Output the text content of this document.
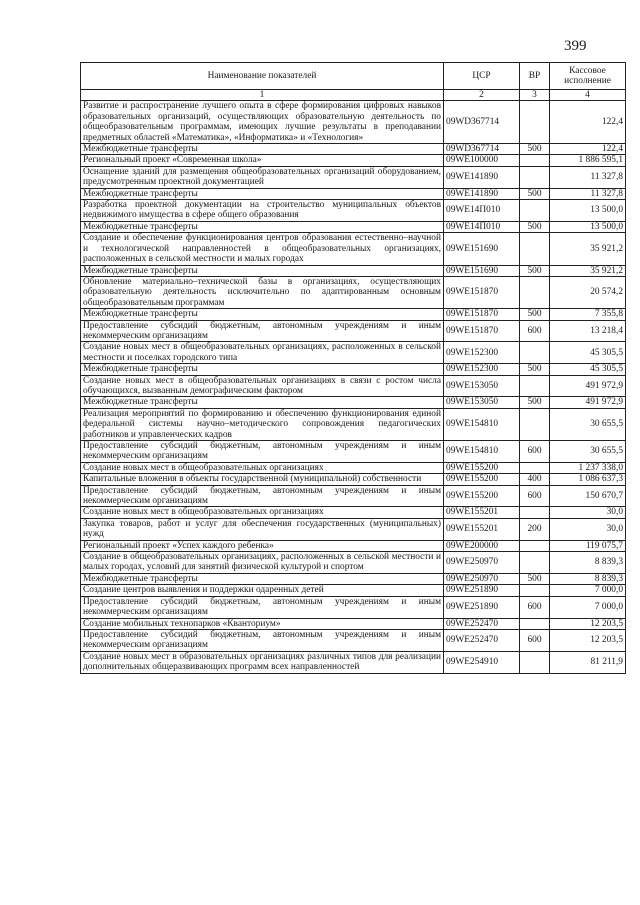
399
Наименование показателей	ЦСР	ВР	Кассовое исполнение
1	2	3	4
Развитие и распространение лучшего опыта в сфере формирования цифровых навыков образовательных организаций, осуществляющих образовательную деятельность по общеобразовательным программам, имеющих лучшие результаты в преподавании предметных областей «Математика», «Информатика» и «Технология»	09WD367714		122,4
Межбюджетные трансферты	09WD367714	500	122,4
Региональный проект «Современная школа»	09WE100000		1 886 595,1
Оснащение зданий для размещения общеобразовательных организаций оборудованием, предусмотренным проектной документацией	09WE141890		11 327,8
Межбюджетные трансферты	09WE141890	500	11 327,8
Разработка проектной документации на строительство муниципальных объектов недвижимого имущества в сфере общего образования	09WE14П010		13 500,0
Межбюджетные трансферты	09WE14П010	500	13 500,0
Создание и обеспечение функционирования центров образования естественно–научной и технологической направленностей в общеобразовательных организациях, расположенных в сельской местности и малых городах	09WE151690		35 921,2
Межбюджетные трансферты	09WE151690	500	35 921,2
Обновление материально–технической базы в организациях, осуществляющих образовательную деятельность исключительно по адаптированным основным общеобразовательным программам	09WE151870		20 574,2
Межбюджетные трансферты	09WE151870	500	7 355,8
Предоставление субсидий бюджетным, автономным учреждениям и иным некоммерческим организациям	09WE151870	600	13 218,4
Создание новых мест в общеобразовательных организациях, расположенных в сельской местности и поселках городского типа	09WE152300		45 305,5
Межбюджетные трансферты	09WE152300	500	45 305,5
Создание новых мест в общеобразовательных организациях в связи с ростом числа обучающихся, вызванным демографическим фактором	09WE153050		491 972,9
Межбюджетные трансферты	09WE153050	500	491 972,9
Реализация мероприятий по формированию и обеспечению функционирования единой федеральной системы научно–методического сопровождения педагогических работников и управленческих кадров	09WE154810		30 655,5
Предоставление субсидий бюджетным, автономным учреждениям и иным некоммерческим организациям	09WE154810	600	30 655,5
Создание новых мест в общеобразовательных организациях	09WE155200		1 237 338,0
Капитальные вложения в объекты государственной (муниципальной) собственности	09WE155200	400	1 086 637,3
Предоставление субсидий бюджетным, автономным учреждениям и иным некоммерческим организациям	09WE155200	600	150 670,7
Создание новых мест в общеобразовательных организациях	09WE155201		30,0
Закупка товаров, работ и услуг для обеспечения государственных (муниципальных) нужд	09WE155201	200	30,0
Региональный проект «Успех каждого ребенка»	09WE200000		119 075,7
Создание в общеобразовательных организациях, расположенных в сельской местности и малых городах, условий для занятий физической культурой и спортом	09WE250970		8 839,3
Межбюджетные трансферты	09WE250970	500	8 839,3
Создание центров выявления и поддержки одаренных детей	09WE251890		7 000,0
Предоставление субсидий бюджетным, автономным учреждениям и иным некоммерческим организациям	09WE251890	600	7 000,0
Создание мобильных технопарков «Кванториум»	09WE252470		12 203,5
Предоставление субсидий бюджетным, автономным учреждениям и иным некоммерческим организациям	09WE252470	600	12 203,5
Создание новых мест в образовательных организациях различных типов для реализации дополнительных общеразвивающих программ всех направленностей	09WE254910		81 211,9
